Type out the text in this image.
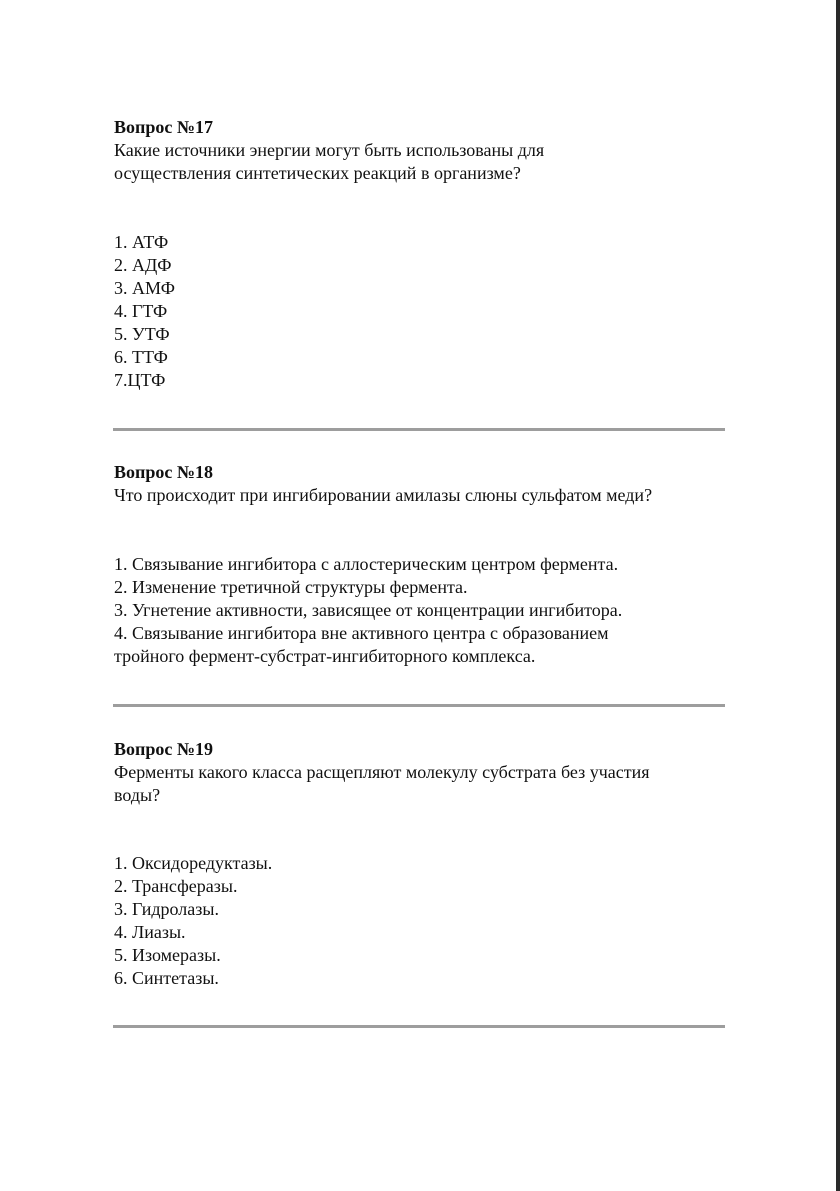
Вопрос №17

Какие источники энергии могут быть использованы для
осуществления синтетических реакций в организме?

1. АТФ
2. АДФ
3. АМФ
4. ГТФ
5. УТФ
6. ТТФ
7.ЦТФ

Вопрос №18

Что происходит при ингибировании амилазы слюны сульфатом меди?

1. Связывание ингибитора с аллостерическим центром фермента.
2. Изменение третичной структуры фермента.
3. Угнетение активности, зависящее от концентрации ингибитора.
4. Связывание ингибитора вне активного центра с образованием
тройного фермент-субстрат-ингибиторного комплекса.

Вопрос №19

Ферменты какого класса расщепляют молекулу субстрата без участия
воды?

1. Оксидоредуктазы.
2. Трансферазы.
3. Гидролазы.
4. Лиазы.
5. Изомеразы.
6. Синтетазы.
